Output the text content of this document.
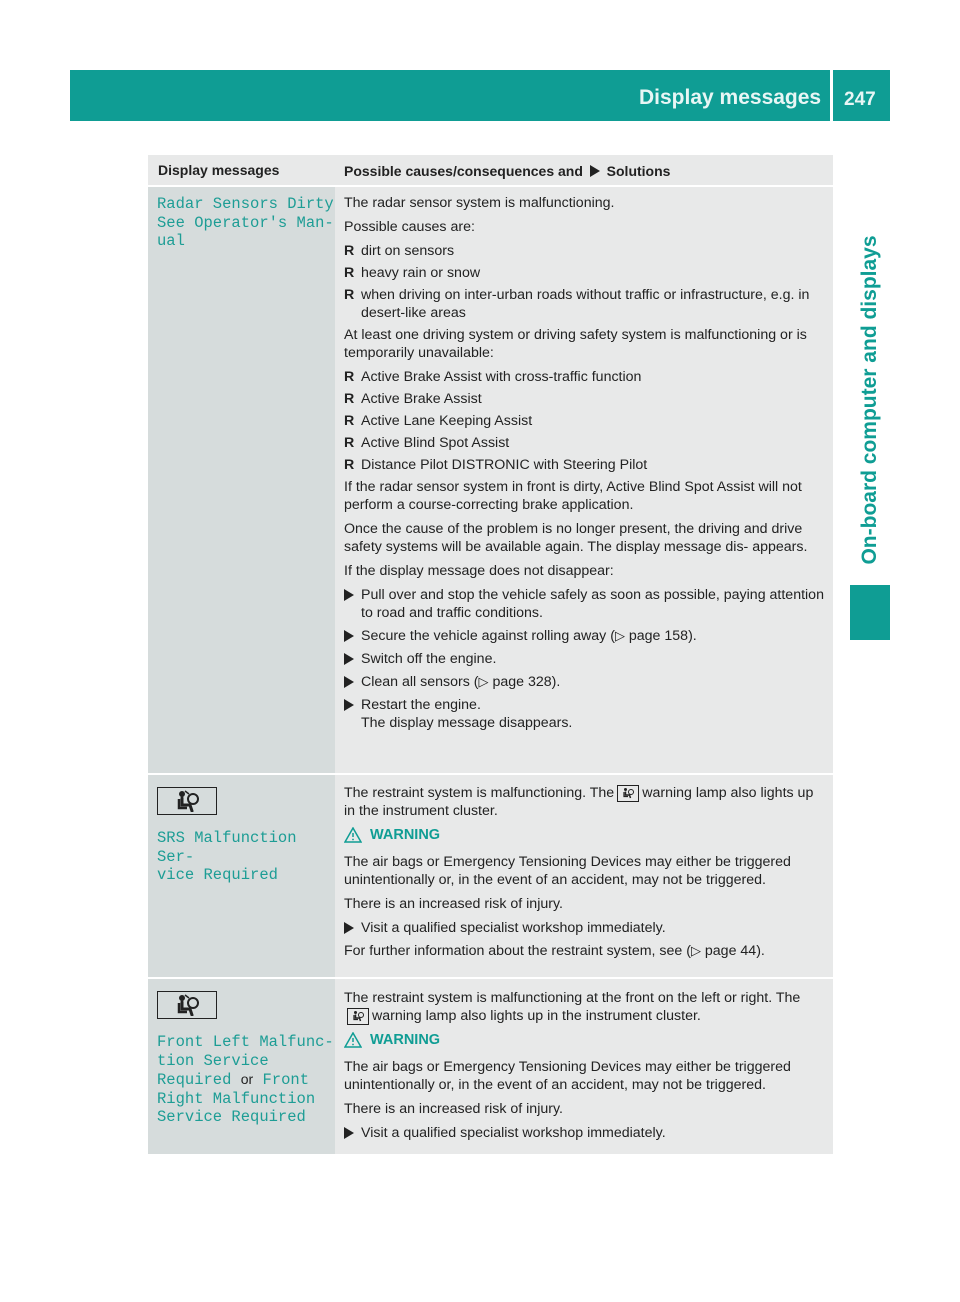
Display messages 247
On-board computer and displays
Display messages	Possible causes/consequences and Solutions
Radar Sensors Dirty
See Operator's Man‐
ual

The radar sensor system is malfunctioning.

Possible causes are:

R dirt on sensors
R heavy rain or snow
R when driving on inter-urban roads without traffic or infrastructure, e.g. in desert-like areas

At least one driving system or driving safety system is malfunctioning or is temporarily unavailable:

R Active Brake Assist with cross-traffic function
R Active Brake Assist
R Active Lane Keeping Assist
R Active Blind Spot Assist
R Distance Pilot DISTRONIC with Steering Pilot

If the radar sensor system in front is dirty, Active Blind Spot Assist will not perform a course-correcting brake application.

Once the cause of the problem is no longer present, the driving and drive safety systems will be available again. The display message dis‐ appears.

If the display message does not disappear:

Pull over and stop the vehicle safely as soon as possible, paying attention to road and traffic conditions.
Secure the vehicle against rolling away (▷ page 158).
Switch off the engine.
Clean all sensors (▷ page 328).
Restart the engine.
The display message disappears.
SRS Malfunction Ser‐
vice Required

The restraint system is malfunctioning. The warning lamp also lights up in the instrument cluster.

WARNING

The air bags or Emergency Tensioning Devices may either be triggered unintentionally or, in the event of an accident, may not be triggered.

There is an increased risk of injury.

Visit a qualified specialist workshop immediately.

For further information about the restraint system, see (▷ page 44).

Front Left Malfunc‐
tion Service
Required or Front
Right Malfunction
Service Required

The restraint system is malfunctioning at the front on the left or right. The
warning lamp also lights up in the instrument cluster.

WARNING

The air bags or Emergency Tensioning Devices may either be triggered unintentionally or, in the event of an accident, may not be triggered.

There is an increased risk of injury.

Visit a qualified specialist workshop immediately.
